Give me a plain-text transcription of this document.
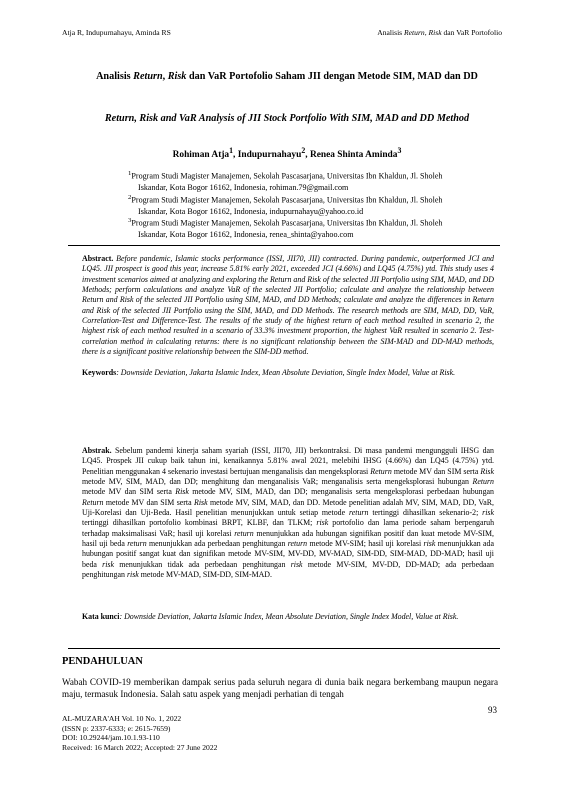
Atja R, Indupurnahayu, Aminda RS	Analisis Return, Risk dan VaR Portofolio
Analisis Return, Risk dan VaR Portofolio Saham JII dengan Metode SIM, MAD dan DD
Return, Risk and VaR Analysis of JII Stock Portfolio With SIM, MAD and DD Method
Rohiman Atja$^1$, Indupurnahayu$^2$, Renea Shinta Aminda$^3$
$^1$Program Studi Magister Manajemen, Sekolah Pascasarjana, Universitas Ibn Khaldun, Jl. Sholeh
Iskandar, Kota Bogor 16162, Indonesia, rohiman.79@gmail.com
$^2$Program Studi Magister Manajemen, Sekolah Pascasarjana, Universitas Ibn Khaldun, Jl. Sholeh
Iskandar, Kota Bogor 16162, Indonesia, indupurnahayu@yahoo.co.id
$^3$Program Studi Magister Manajemen, Sekolah Pascasarjana, Universitas Ibn Khaldun, Jl. Sholeh
Iskandar, Kota Bogor 16162, Indonesia, renea_shinta@yahoo.com
Abstract. Before pandemic, Islamic stocks performance (ISSI, JII70, JII) contracted. During pandemic, outperformed JCI and LQ45. JII prospect is good this year, increase 5.81% early 2021, exceeded JCI (4.66%) and LQ45 (4.75%) ytd. This study uses 4 investment scenarios aimed at analyzing and exploring the Return and Risk of the selected JII Portfolio using SIM, MAD, and DD Methods; perform calculations and analyze VaR of the selected JII Portfolio; calculate and analyze the relationship between Return and Risk of the selected JII Portfolio using SIM, MAD, and DD Methods; calculate and analyze the differences in Return and Risk of the selected JII Portfolio using the SIM, MAD, and DD Methods. The research methods are SIM, MAD, DD, VaR, Correlation-Test and Difference-Test. The results of the study of the highest return of each method resulted in scenario 2, the highest risk of each method resulted in a scenario of 33.3% investment proportion, the highest VaR resulted in scenario 2. Test-correlation method in calculating returns: there is no significant relationship between the SIM-MAD and DD-MAD methods, there is a significant positive relationship between the SIM-DD method.
Keywords: Downside Deviation, Jakarta Islamic Index, Mean Absolute Deviation, Single Index Model, Value at Risk.
Abstrak. Sebelum pandemi kinerja saham syariah (ISSI, JII70, JII) berkontraksi. Di masa pandemi mengungguli IHSG dan LQ45. Prospek JII cukup baik tahun ini, kenaikannya 5.81% awal 2021, melebihi IHSG (4.66%) dan LQ45 (4.75%) ytd. Penelitian menggunakan 4 sekenario investasi bertujuan menganalisis dan mengeksplorasi Return metode MV dan SIM serta Risk metode MV, SIM, MAD, dan DD; menghitung dan menganalisis VaR; menganalisis serta mengeksplorasi hubungan Return metode MV dan SIM serta Risk metode MV, SIM, MAD, dan DD; menganalisis serta mengeksplorasi perbedaan hubungan Return metode MV dan SIM serta Risk metode MV, SIM, MAD, dan DD. Metode penelitian adalah MV, SIM, MAD, DD, VaR, Uji-Korelasi dan Uji-Beda. Hasil penelitian menunjukkan untuk setiap metode return tertinggi dihasilkan sekenario-2; risk tertinggi dihasilkan portofolio kombinasi BRPT, KLBF, dan TLKM; risk portofolio dan lama periode saham berpengaruh terhadap maksimalisasi VaR; hasil uji korelasi return menunjukkan ada hubungan signifikan positif dan kuat metode MV-SIM, hasil uji beda return menunjukkan ada perbedaan penghitungan return metode MV-SIM; hasil uji korelasi risk menunjukkan ada hubungan positif sangat kuat dan signifikan metode MV-SIM, MV-DD, MV-MAD, SIM-DD, SIM-MAD, DD-MAD; hasil uji beda risk menunjukkan tidak ada perbedaan penghitungan risk metode MV-SIM, MV-DD, DD-MAD; ada perbedaan penghitungan risk metode MV-MAD, SIM-DD, SIM-MAD.
Kata kunci: Downside Deviation, Jakarta Islamic Index, Mean Absolute Deviation, Single Index Model, Value at Risk.
PENDAHULUAN
Wabah COVID-19 memberikan dampak serius pada seluruh negara di dunia baik negara berkembang maupun negara maju, termasuk Indonesia. Salah satu aspek yang menjadi perhatian di tengah
AL-MUZARA'AH Vol. 10 No. 1, 2022
(ISSN p: 2337-6333; e: 2615-7659)
DOI: 10.29244/jam.10.1.93-110
Received: 16 March 2022; Accepted: 27 June 2022
93
